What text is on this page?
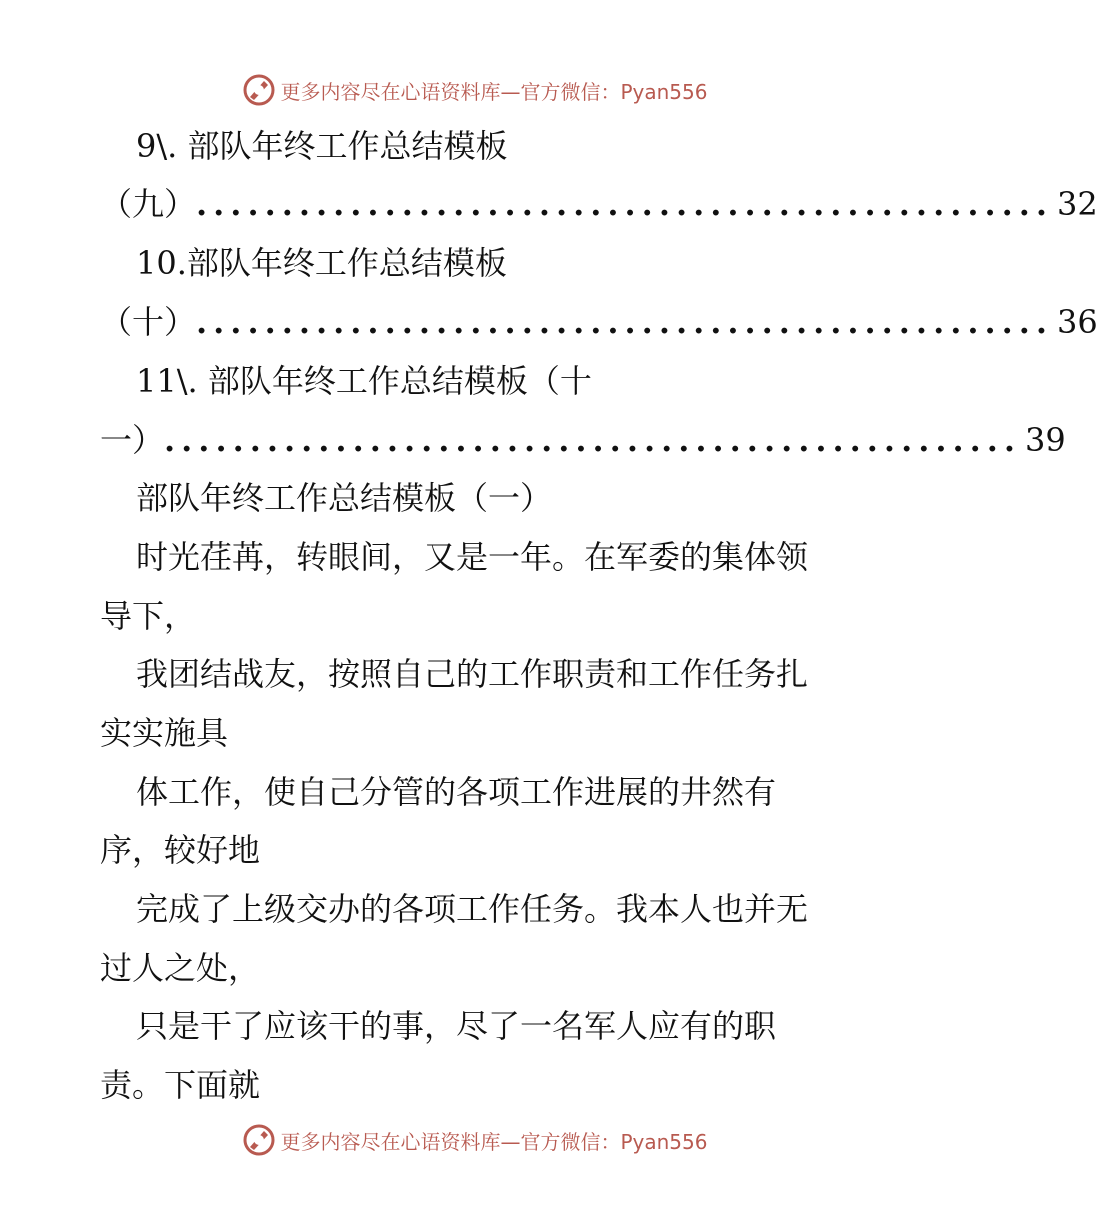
更多内容尽在心语资料库—官方微信：Pyan556
9\. 部队年终工作总结模板
（九） .................................................. 32
10.部队年终工作总结模板
（十） .................................................. 36
11\. 部队年终工作总结模板（十
一） .................................................. 39
部队年终工作总结模板（一）
时光荏苒，转眼间，又是一年。在军委的集体领
导下，
我团结战友，按照自己的工作职责和工作任务扎
实实施具
体工作，使自己分管的各项工作进展的井然有
序，较好地
完成了上级交办的各项工作任务。我本人也并无
过人之处，
只是干了应该干的事，尽了一名军人应有的职
责。下面就
更多内容尽在心语资料库—官方微信：Pyan556
